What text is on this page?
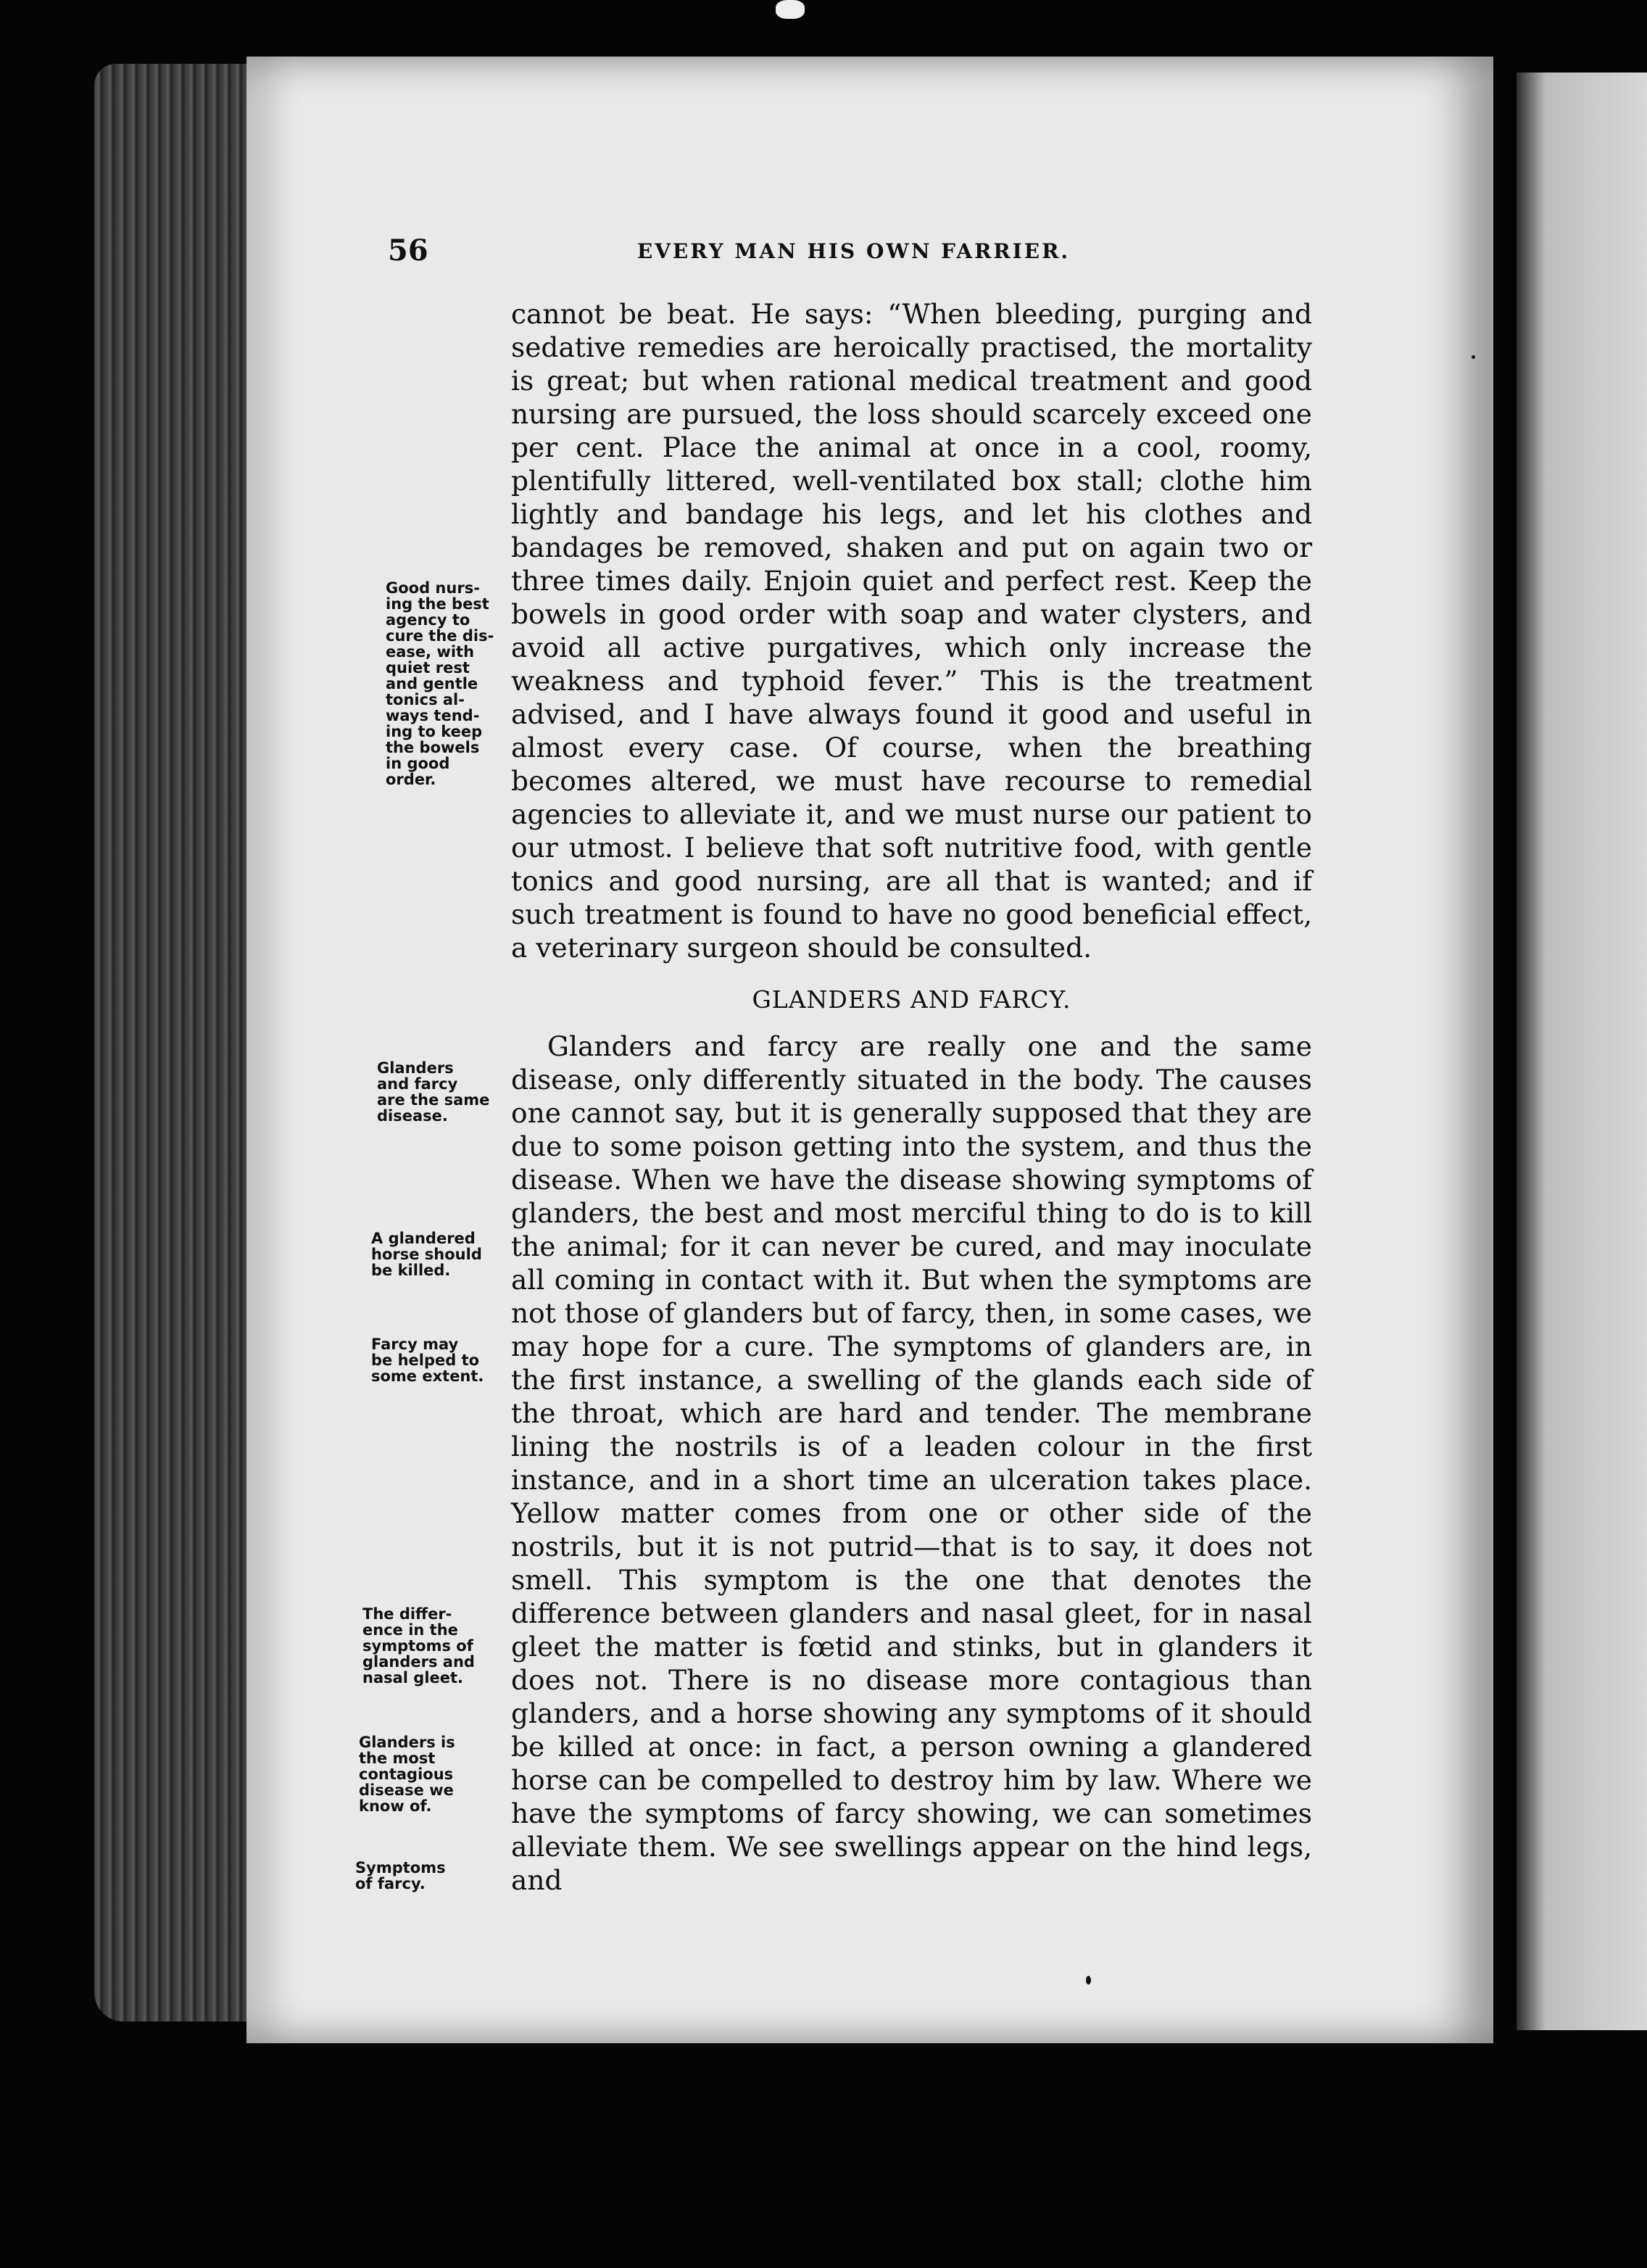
56	EVERY MAN HIS OWN FARRIER.

cannot be beat. He says: “When bleeding, purging and sedative remedies are heroically practised, the mortality is great; but when rational medical treatment and good nursing are pursued, the loss should scarcely exceed one per cent. Place the animal at once in a cool, roomy, plentifully littered, well-ventilated box stall; clothe him lightly and bandage his legs, and let his clothes and bandages be removed, shaken and put on again two or three times daily. Enjoin quiet and perfect rest. Keep the bowels in good order with soap and water clysters, and avoid all active purgatives, which only increase the weakness and typhoid fever.” This is the treatment advised, and I have always found it good and useful in almost every case. Of course, when the breathing becomes altered, we must have recourse to remedial agencies to alleviate it, and we must nurse our patient to our utmost. I believe that soft nutritive food, with gentle tonics and good nursing, are all that is wanted; and if such treatment is found to have no good beneficial effect, a veterinary surgeon should be consulted.

GLANDERS AND FARCY.

Glanders and farcy are really one and the same disease, only differently situated in the body. The causes one cannot say, but it is generally supposed that they are due to some poison getting into the system, and thus the disease. When we have the disease showing symptoms of glanders, the best and most merciful thing to do is to kill the animal; for it can never be cured, and may inoculate all coming in contact with it. But when the symptoms are not those of glanders but of farcy, then, in some cases, we may hope for a cure. The symptoms of glanders are, in the first instance, a swelling of the glands each side of the throat, which are hard and tender. The membrane lining the nostrils is of a leaden colour in the first instance, and in a short time an ulceration takes place. Yellow matter comes from one or other side of the nostrils, but it is not putrid—that is to say, it does not smell. This symptom is the one that denotes the difference between glanders and nasal gleet, for in nasal gleet the matter is fœtid and stinks, but in glanders it does not. There is no disease more contagious than glanders, and a horse showing any symptoms of it should be killed at once: in fact, a person owning a glandered horse can be compelled to destroy him by law. Where we have the symptoms of farcy showing, we can sometimes alleviate them. We see swellings appear on the hind legs, and

Good nurs-
ing the best
agency to
cure the dis-
ease, with
quiet rest
and gentle
tonics al-
ways tend-
ing to keep
the bowels
in good
order.
Glanders
and farcy
are the same
disease.
A glandered
horse should
be killed.
Farcy may
be helped to
some extent.
The differ-
ence in the
symptoms of
glanders and
nasal gleet.
Glanders is
the most
contagious
disease we
know of.
Symptoms
of farcy.
